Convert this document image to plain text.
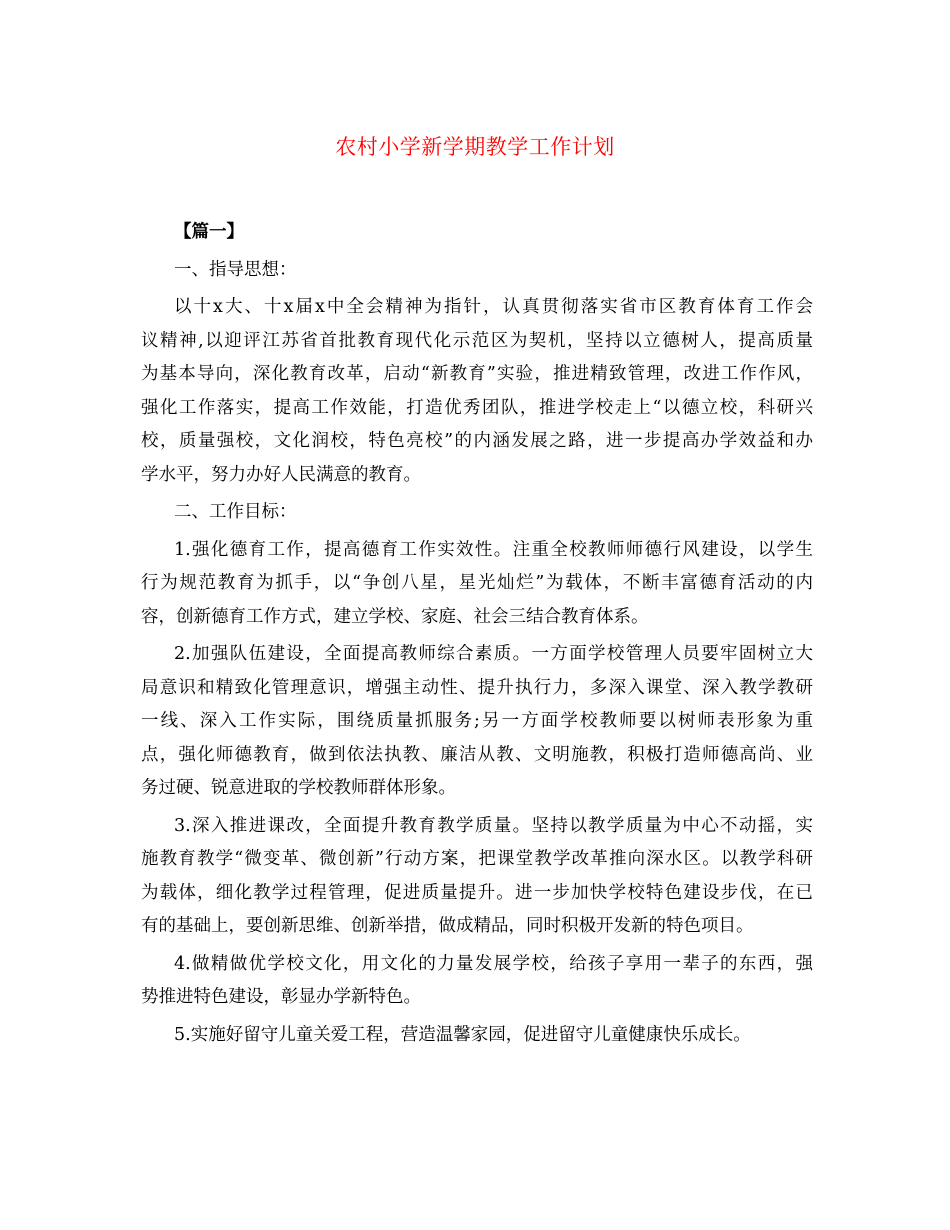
农村小学新学期教学工作计划
【篇一】
一、指导思想：
以十x大、十x届x中全会精神为指针，认真贯彻落实省市区教育体育工作会
议精神,以迎评江苏省首批教育现代化示范区为契机，坚持以立德树人，提高质量
为基本导向，深化教育改革，启动“新教育”实验，推进精致管理，改进工作作风，
强化工作落实，提高工作效能，打造优秀团队，推进学校走上“以德立校，科研兴
校，质量强校，文化润校，特色亮校”的内涵发展之路，进一步提高办学效益和办
学水平，努力办好人民满意的教育。
二、工作目标：
1.强化德育工作，提高德育工作实效性。注重全校教师师德行风建设，以学生
行为规范教育为抓手，以“争创八星，星光灿烂”为载体，不断丰富德育活动的内
容，创新德育工作方式，建立学校、家庭、社会三结合教育体系。
2.加强队伍建设，全面提高教师综合素质。一方面学校管理人员要牢固树立大
局意识和精致化管理意识，增强主动性、提升执行力，多深入课堂、深入教学教研
一线、深入工作实际，围绕质量抓服务;另一方面学校教师要以树师表形象为重
点，强化师德教育，做到依法执教、廉洁从教、文明施教，积极打造师德高尚、业
务过硬、锐意进取的学校教师群体形象。
3.深入推进课改，全面提升教育教学质量。坚持以教学质量为中心不动摇，实
施教育教学“微变革、微创新”行动方案，把课堂教学改革推向深水区。以教学科研
为载体，细化教学过程管理，促进质量提升。进一步加快学校特色建设步伐，在已
有的基础上，要创新思维、创新举措，做成精品，同时积极开发新的特色项目。
4.做精做优学校文化，用文化的力量发展学校，给孩子享用一辈子的东西，强
势推进特色建设，彰显办学新特色。
5.实施好留守儿童关爱工程，营造温馨家园，促进留守儿童健康快乐成长。
